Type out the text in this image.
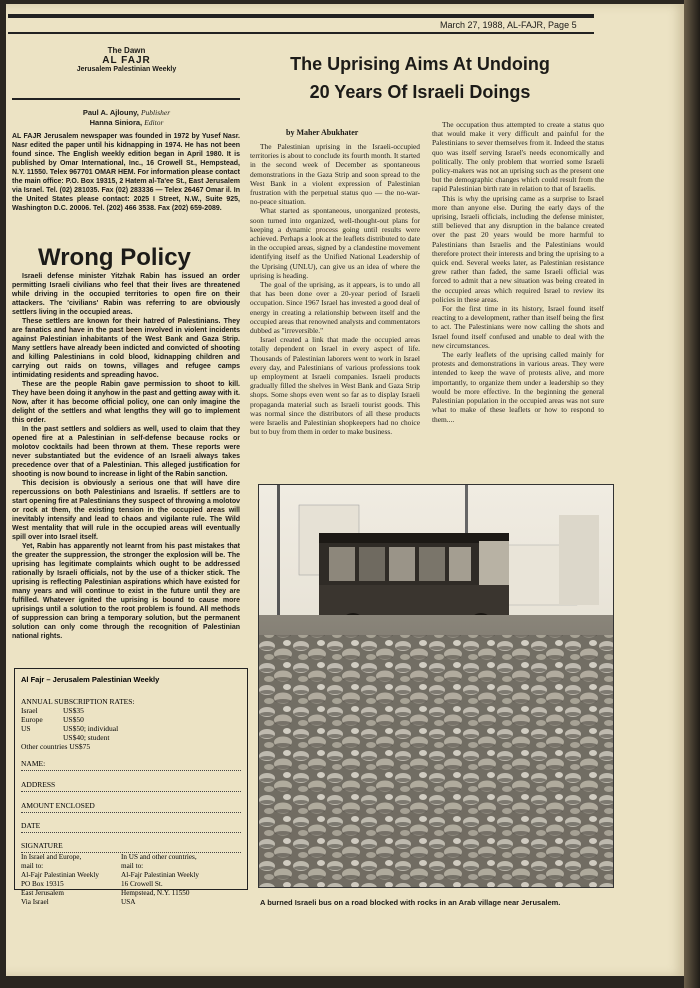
March 27, 1988, AL-FAJR, Page 5
The Dawn
AL FAJR
Jerusalem Palestinian Weekly
Paul A. Ajlouny, Publisher
Hanna Siniora, Editor
AL FAJR Jerusalem newspaper was founded in 1972 by Yusef Nasr. Nasr edited the paper until his kidnapping in 1974. He has not been found since. The English weekly edition began in April 1980. It is published by Omar International, Inc., 16 Crowell St., Hempstead, N.Y. 11550. Telex 967701 OMAR HEM. For information please contact the main office: P.O. Box 19315, 2 Hatem al-Ta'ee St., East Jerusalem via Israel. Tel. (02) 281035. Fax (02) 283336 — Telex 26467 Omar il. In the United States please contact: 2025 I Street, N.W., Suite 925, Washington D.C. 20006. Tel. (202) 466 3538. Fax (202) 659-2089.
Wrong Policy

Israeli defense minister Yitzhak Rabin has issued an order permitting Israeli civilians who feel that their lives are threatened while driving in the occupied territories to open fire on their attackers. The 'civilians' Rabin was referring to are obviously settlers living in the occupied areas.

These settlers are known for their hatred of Palestinians. They are fanatics and have in the past been involved in violent incidents against Palestinian inhabitants of the West Bank and Gaza Strip. Many settlers have already been indicted and convicted of shooting and killing Palestinians in cold blood, kidnapping children and carrying out raids on towns, villages and refugee camps intimidating residents and spreading havoc.

These are the people Rabin gave permission to shoot to kill. They have been doing it anyhow in the past and getting away with it. Now, after it has become official policy, one can only imagine the delight of the settlers and what lengths they will go to implement this order.

In the past settlers and soldiers as well, used to claim that they opened fire at a Palestinian in self-defense because rocks or molotov cocktails had been thrown at them. These reports were never substantiated but the evidence of an Israeli always takes precedence over that of a Palestinian. This alleged justification for shooting is now bound to increase in light of the Rabin sanction.

This decision is obviously a serious one that will have dire repercussions on both Palestinians and Israelis. If settlers are to start opening fire at Palestinians they suspect of throwing a molotov or rock at them, the existing tension in the occupied areas will inevitably intensify and lead to chaos and vigilante rule. The Wild West mentality that will rule in the occupied areas will eventually spill over into Israel itself.

Yet, Rabin has apparently not learnt from his past mistakes that the greater the suppression, the stronger the explosion will be. The uprising has legitimate complaints which ought to be addressed rationally by Israeli officials, not by the use of a thicker stick. The uprising is reflecting Palestinian aspirations which have existed for many years and will continue to exist in the future until they are fulfilled. Whatever ignited the uprising is bound to cause more uprisings until a solution to the root problem is found. All methods of suppression can bring a temporary solution, but the permanent solution can only come through the recognition of Palestinian national rights.

Al Fajr – Jerusalem Palestinian Weekly
ANNUAL SUBSCRIPTION RATES:
Israel	US$35
Europe	US$50
US	US$50; individual
US$40; student
Other countries US$75
NAME:
ADDRESS
AMOUNT ENCLOSED
DATE
SIGNATURE
In Israel and Europe,
mail to:
Al-Fajr Palestinian Weekly
PO Box 19315
East Jerusalem
Via Israel
In US and other countries,
mail to:
Al-Fajr Palestinian Weekly
16 Crowell St.
Hempstead, N.Y. 11550
USA
The Uprising Aims At Undoing
20 Years Of Israeli Doings
by Maher Abukhater

The Palestinian uprising in the Israeli-occupied territories is about to conclude its fourth month. It started in the second week of December as spontaneous demonstrations in the Gaza Strip and soon spread to the West Bank in a violent expression of Palestinian frustration with the perpetual status quo — the no-war-no-peace situation.

What started as spontaneous, unorganized protests, soon turned into organized, well-thought-out plans for keeping a dynamic process going until results were achieved. Perhaps a look at the leaflets distributed to date in the occupied areas, signed by a clandestine movement identifying itself as the Unified National Leadership of the Uprising (UNLU), can give us an idea of where the uprising is heading.

The goal of the uprising, as it appears, is to undo all that has been done over a 20-year period of Israeli occupation. Since 1967 Israel has invested a good deal of energy in creating a relationship between itself and the occupied areas that renowned analysts and commentators dubbed as "irreversible."

Israel created a link that made the occupied areas totally dependent on Israel in every aspect of life. Thousands of Palestinian laborers went to work in Israel every day, and Palestinians of various professions took up employment at Israeli companies. Israeli products gradually filled the shelves in West Bank and Gaza Strip shops. Some shops even went so far as to display Israeli propaganda material such as Israeli tourist goods. This was normal since the distributors of all these products were Israelis and Palestinian shopkeepers had no choice but to buy from them in order to make business.

The occupation thus attempted to create a status quo that would make it very difficult and painful for the Palestinians to sever themselves from it. Indeed the status quo was itself serving Israel's needs economically and politically. The only problem that worried some Israeli policy-makers was not an uprising such as the present one but the demographic changes which could result from the rapid Palestinian birth rate in relation to that of Israelis.

This is why the uprising came as a surprise to Israel more than anyone else. During the early days of the uprising, Israeli officials, including the defense minister, still believed that any disruption in the balance created over the past 20 years would be more harmful to Palestinians than Israelis and the Palestinians would therefore protect their interests and bring the uprising to a quick end. Several weeks later, as Palestinian resistance grew rather than faded, the same Israeli official was forced to admit that a new situation was being created in the occupied areas which required Israel to review its policies in these areas.

For the first time in its history, Israel found itself reacting to a development, rather than itself being the first to act. The Palestinians were now calling the shots and Israel found itself confused and unable to deal with the new circumstances.

The early leaflets of the uprising called mainly for protests and demonstrations in various areas. They were intended to keep the wave of protests alive, and more importantly, to organize them under a leadership so they would be more effective. In the beginning the general Palestinian population in the occupied areas was not sure what to make of these leaflets or how to respond to them....

A burned Israeli bus on a road blocked with rocks in an Arab village near Jerusalem.
